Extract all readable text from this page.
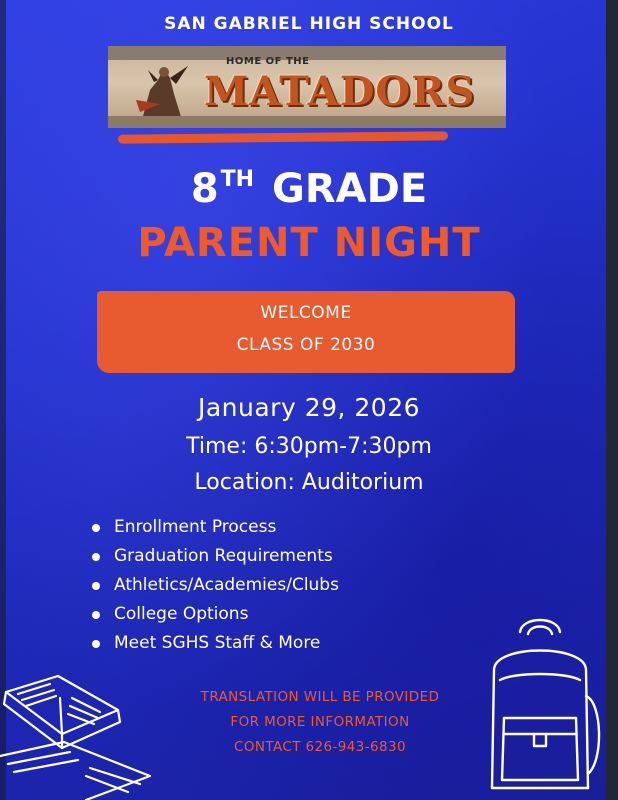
SAN GABRIEL HIGH SCHOOL
HOME OF THE
MATADORS
8TH GRADE
PARENT NIGHT
WELCOME
CLASS OF 2030
January 29, 2026
Time: 6:30pm-7:30pm
Location: Auditorium
Enrollment Process
Graduation Requirements
Athletics/Academies/Clubs
College Options
Meet SGHS Staff & More
TRANSLATION WILL BE PROVIDED
FOR MORE INFORMATION
CONTACT 626-943-6830
